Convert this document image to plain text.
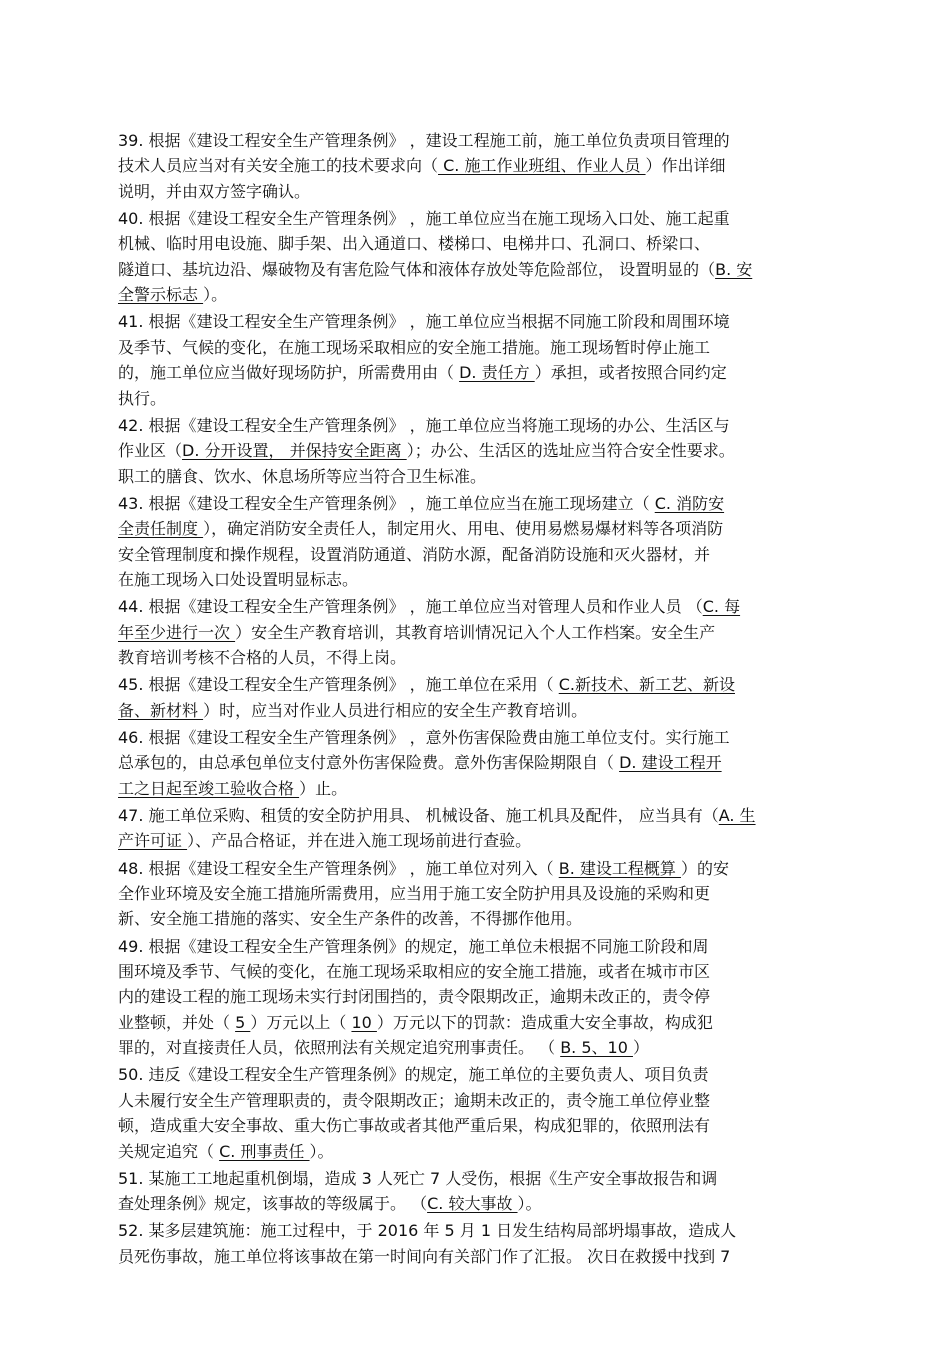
39. 根据《建设工程安全生产管理条例》 ，建设工程施工前，施工单位负责项目管理的
技术人员应当对有关安全施工的技术要求向（ C. 施工作业班组、作业人员 ）作出详细
说明，并由双方签字确认。
40. 根据《建设工程安全生产管理条例》 ，施工单位应当在施工现场入口处、施工起重
机械、临时用电设施、脚手架、出入通道口、楼梯口、电梯井口、孔洞口、桥梁口、
隧道口、基坑边沿、爆破物及有害危险气体和液体存放处等危险部位， 设置明显的（B. 安
全警示标志 ）。
41. 根据《建设工程安全生产管理条例》 ，施工单位应当根据不同施工阶段和周围环境
及季节、气候的变化，在施工现场采取相应的安全施工措施。施工现场暂时停止施工
的，施工单位应当做好现场防护，所需费用由（ D. 责任方 ）承担，或者按照合同约定
执行。
42. 根据《建设工程安全生产管理条例》 ，施工单位应当将施工现场的办公、生活区与
作业区（D. 分开设置， 并保持安全距离 ）；办公、生活区的选址应当符合安全性要求。
职工的膳食、饮水、休息场所等应当符合卫生标准。
43. 根据《建设工程安全生产管理条例》 ，施工单位应当在施工现场建立（ C. 消防安
全责任制度 ），确定消防安全责任人，制定用火、用电、使用易燃易爆材料等各项消防
安全管理制度和操作规程，设置消防通道、消防水源，配备消防设施和灭火器材，并
在施工现场入口处设置明显标志。
44. 根据《建设工程安全生产管理条例》 ，施工单位应当对管理人员和作业人员 （C. 每
年至少进行一次 ）安全生产教育培训，其教育培训情况记入个人工作档案。安全生产
教育培训考核不合格的人员，不得上岗。
45. 根据《建设工程安全生产管理条例》 ，施工单位在采用（ C.新技术、新工艺、新设
备、新材料 ）时，应当对作业人员进行相应的安全生产教育培训。
46. 根据《建设工程安全生产管理条例》 ，意外伤害保险费由施工单位支付。实行施工
总承包的，由总承包单位支付意外伤害保险费。意外伤害保险期限自（ D. 建设工程开
工之日起至竣工验收合格 ）止。
47. 施工单位采购、租赁的安全防护用具、 机械设备、施工机具及配件， 应当具有（A. 生
产许可证 ）、产品合格证，并在进入施工现场前进行查验。
48. 根据《建设工程安全生产管理条例》 ，施工单位对列入（ B. 建设工程概算 ）的安
全作业环境及安全施工措施所需费用，应当用于施工安全防护用具及设施的采购和更
新、安全施工措施的落实、安全生产条件的改善，不得挪作他用。
49. 根据《建设工程安全生产管理条例》的规定，施工单位未根据不同施工阶段和周
围环境及季节、气候的变化，在施工现场采取相应的安全施工措施，或者在城市市区
内的建设工程的施工现场未实行封闭围挡的，责令限期改正，逾期未改正的，责令停
业整顿，并处（ 5 ）万元以上（ 10 ）万元以下的罚款：造成重大安全事故，构成犯
罪的，对直接责任人员，依照刑法有关规定追究刑事责任。 （ B. 5、10 ）
50. 违反《建设工程安全生产管理条例》的规定，施工单位的主要负责人、项目负责
人未履行安全生产管理职责的，责令限期改正；逾期未改正的，责令施工单位停业整
顿，造成重大安全事故、重大伤亡事故或者其他严重后果，构成犯罪的，依照刑法有
关规定追究（ C. 刑事责任 ）。
51. 某施工工地起重机倒塌，造成 3 人死亡 7 人受伤，根据《生产安全事故报告和调
查处理条例》规定，该事故的等级属于。 （C. 较大事故 ）。
52. 某多层建筑施：施工过程中，于 2016 年 5 月 1 日发生结构局部坍塌事故，造成人
员死伤事故，施工单位将该事故在第一时间向有关部门作了汇报。 次日在救援中找到 7
